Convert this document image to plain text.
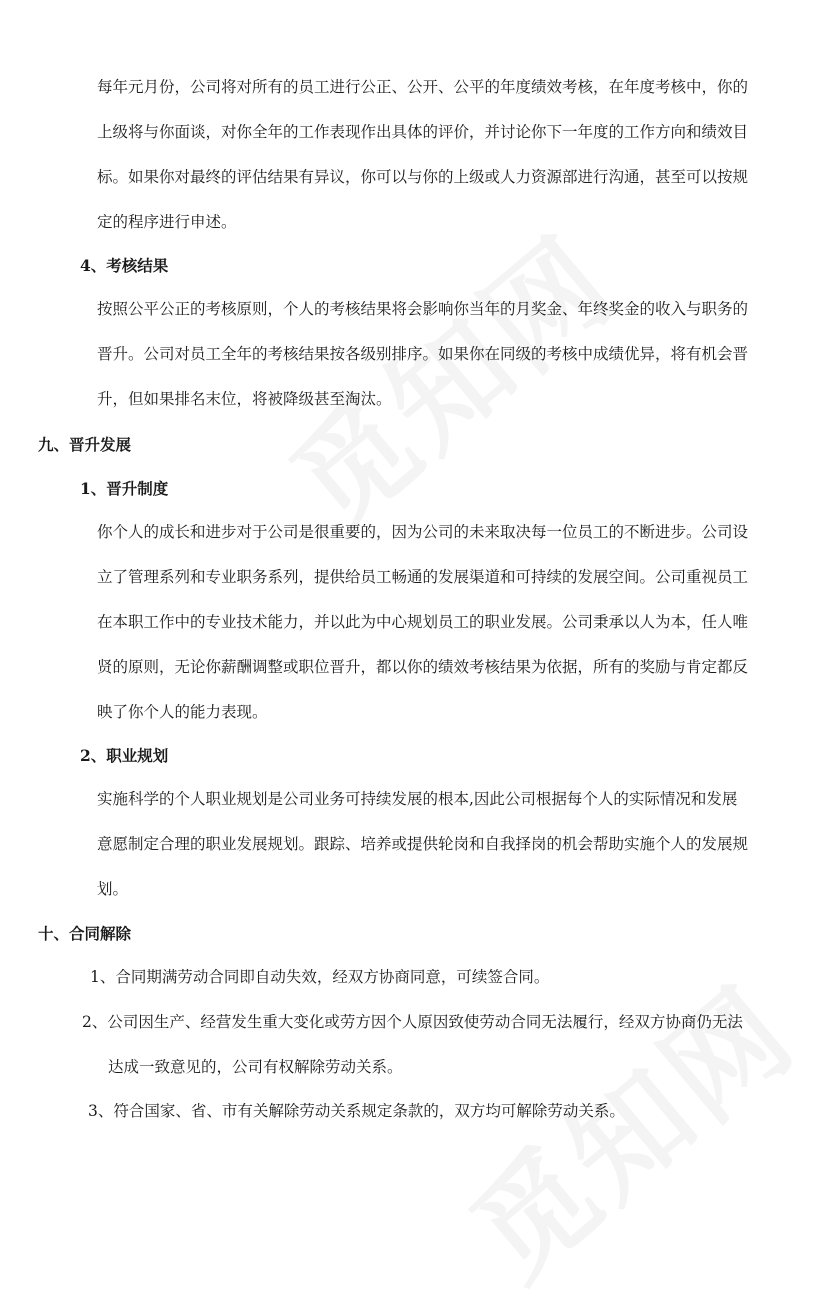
每年元月份，公司将对所有的员工进行公正、公开、公平的年度绩效考核，在年度考核中，你的
上级将与你面谈，对你全年的工作表现作出具体的评价，并讨论你下一年度的工作方向和绩效目
标。如果你对最终的评估结果有异议，你可以与你的上级或人力资源部进行沟通，甚至可以按规
定的程序进行申述。
4、考核结果
按照公平公正的考核原则，个人的考核结果将会影响你当年的月奖金、年终奖金的收入与职务的
晋升。公司对员工全年的考核结果按各级别排序。如果你在同级的考核中成绩优异，将有机会晋
升，但如果排名末位，将被降级甚至淘汰。
九、晋升发展
1、晋升制度
你个人的成长和进步对于公司是很重要的，因为公司的未来取决每一位员工的不断进步。公司设
立了管理系列和专业职务系列，提供给员工畅通的发展渠道和可持续的发展空间。公司重视员工
在本职工作中的专业技术能力，并以此为中心规划员工的职业发展。公司秉承以人为本，任人唯
贤的原则，无论你薪酬调整或职位晋升，都以你的绩效考核结果为依据，所有的奖励与肯定都反
映了你个人的能力表现。
2、职业规划
实施科学的个人职业规划是公司业务可持续发展的根本,因此公司根据每个人的实际情况和发展
意愿制定合理的职业发展规划。跟踪、培养或提供轮岗和自我择岗的机会帮助实施个人的发展规
划。
十、合同解除
1、合同期满劳动合同即自动失效，经双方协商同意，可续签合同。
2、公司因生产、经营发生重大变化或劳方因个人原因致使劳动合同无法履行，经双方协商仍无法
达成一致意见的，公司有权解除劳动关系。
3、符合国家、省、市有关解除劳动关系规定条款的，双方均可解除劳动关系。
